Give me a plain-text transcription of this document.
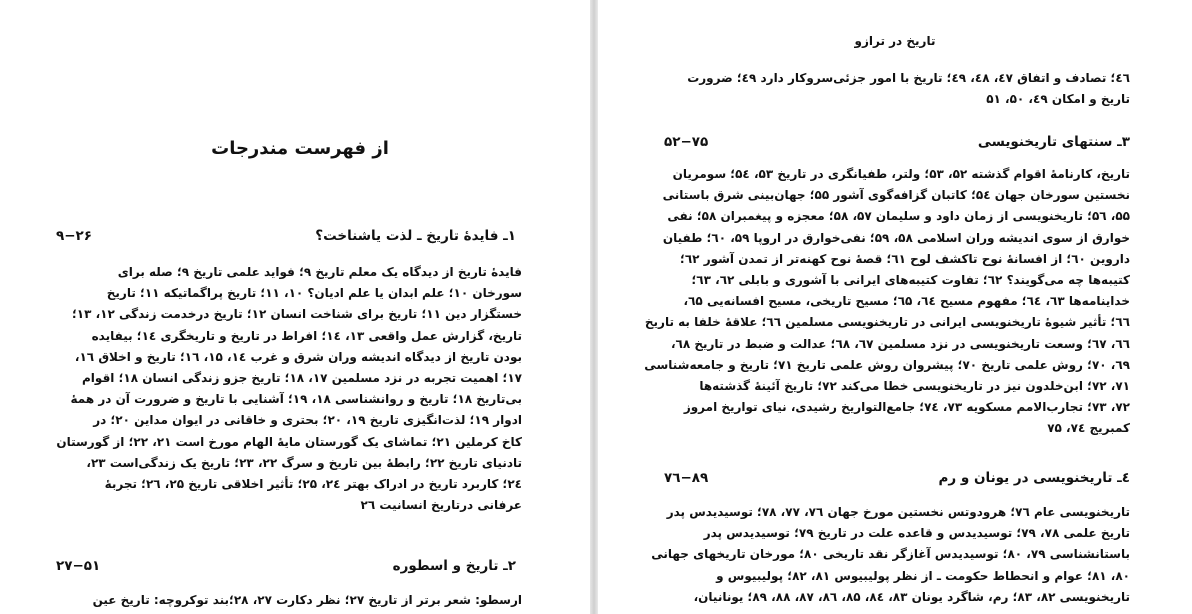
از فهرست مندرجات
۹−۲۶	۱ـ فایدهٔ تاریخ ـ لذت یاشناخت؟
فایدهٔ تاریخ از دیدگاه یک معلم تاریخ ۹؛ فواید علمی تاریخ ۹؛ صله برای
سورخان ۱۰؛ علم ابدان یا علم ادیان؟ ۱۰، ۱۱؛ تاریخ پراگماتیکه ۱۱؛ تاریخ
خستگزار دین ۱۱؛ تاریخ برای شناخت انسان ۱۲؛ تاریخ درخدمت زندگی ۱۲، ۱۳؛
تاریخ، گزارش عمل واقعی ۱۳، ۱٤؛ افراط در تاریخ و تاریخگری ۱٤؛ بیفایده
بودن تاریخ از دیدگاه اندیشه وران شرق و غرب ۱٤، ۱۵، ۱٦؛ تاریخ و اخلاق ۱٦،
۱۷؛ اهمیت تجربه در نزد مسلمین ۱۷، ۱۸؛ تاریخ جزو زندگی انسان ۱۸؛ اقوام
بی‌تاریخ ۱۸؛ تاریخ و روانشناسی ۱۸، ۱۹؛ آشنایی با تاریخ و ضرورت آن در همهٔ
ادوار ۱۹؛ لذت‌انگیزی تاریخ ۱۹، ۲۰؛ بحتری و خاقانی در ایوان مداین ۲۰؛ در
کاخ کرملین ۲۱؛ تماشای یک گورستان مایهٔ الهام مورخ است ۲۱، ۲۲؛ از گورستان
تادنیای تاریخ ۲۲؛ رابطهٔ بین تاریخ و سرگ ۲۲، ۲۳؛ تاریخ یک زندگی‌است ۲۳،
۲٤؛ کاربرد تاریخ در ادراک بهتر ۲٤، ۲۵؛ تأثیر اخلاقی تاریخ ۲۵، ۲٦؛ تجربهٔ
عرفانی درتاریخ انسانیت ۲٦
۲۷−۵۱	۲ـ تاریخ و اسطوره
ارسطو: شعر برتر از تاریخ ۲۷؛ نظر دکارت ۲۷، ۲۸؛بند توکروچه: تاریخ عین
تاریخ در ترازو
٤٦؛ تصادف و اتفاق ٤٧، ٤٨، ٤٩؛ تاریخ با امور جزئی‌سروکار دارد ٤٩؛ ضرورت
تاریخ و امکان ٤٩، ۵۰، ۵۱
۵۲−۷۵	۳ـ سنتهای تاریخنویسی
تاریخ، کارنامهٔ اقوام گذشته ۵۲، ۵۳؛ ولتر، طفیانگری در تاریخ ۵۳، ۵٤؛ سومریان
نخستین سورخان جهان ۵٤؛ کاتبان گزافه‌گوی آشور ۵۵؛ جهان‌بینی شرق باستانی
۵۵، ۵٦؛ تاریخنویسی از زمان داود و سلیمان ۵۷، ۵۸؛ معجزه و پیغمبران ۵۸؛ نفی
خوارق از سوی اندیشه وران اسلامی ۵۸، ۵۹؛ نفی‌خوارق در اروپا ۵۹، ٦۰؛ طفیان
داروین ٦۰؛ از افسانهٔ نوح تاکشف لوح ٦۱؛ قصهٔ نوح کهنه‌تر از تمدن آشور ٦۲؛
کتیبه‌ها چه می‌گویند؟ ٦۲؛ تفاوت کتیبه‌های ایرانی با آشوری و بابلی ٦۲، ٦۳؛
خداینامه‌ها ٦۳، ٦٤؛ مفهوم مسیح ٦٤، ٦۵؛ مسیح تاریخی، مسیح افسانه‌یی ٦۵،
٦٦؛ تأثیر شیوهٔ تاریخنویسی ایرانی در تاریخنویسی مسلمین ٦٦؛ علاقهٔ خلفا به تاریخ
٦٦، ٦۷؛ وسعت تاریخنویسی در نزد مسلمین ٦۷، ٦۸؛ عدالت و ضبط در تاریخ ٦۸،
٦۹، ۷۰؛ روش علمی تاریخ ۷۰؛ پیشروان روش علمی تاریخ ۷۱؛ تاریخ و جامعه‌شناسی
۷۱، ۷۲؛ ابن‌خلدون نیز در تاریخنویسی خطا می‌کند ۷۲؛ تاریخ آئینهٔ گذشته‌ها
۷۲، ۷۳؛ تجارب‌الامم مسکویه ۷۳، ۷٤؛ جامع‌التواریخ رشیدی، نیای تواریخ امروز
کمبریج ۷٤، ۷۵
۷٦−۸۹	٤ـ تاریخنویسی در یونان و رم
تاریخنویسی عام ۷٦؛ هرودوتس نخستین مورخ جهان ۷٦، ۷۷، ۷۸؛ توسیدیدس پدر
تاریخ علمی ۷۸، ۷۹؛ توسیدیدس و قاعده علت در تاریخ ۷۹؛ توسیدیدس پدر
باستانشناسی ۷۹، ۸۰؛ توسیدیدس آغازگر نقد تاریخی ۸۰؛ مورخان تاریخهای جهانی
۸۰، ۸۱؛ عوام و انحطاط حکومت ـ از نظر پولیبیوس ۸۱، ۸۲؛ پولیبیوس و
تاریخنویسی ۸۲، ۸۳؛ رم، شاگرد یونان ۸۳، ۸٤، ۸۵، ۸٦، ۸۷، ۸۸، ۸۹؛ یونانیان،
